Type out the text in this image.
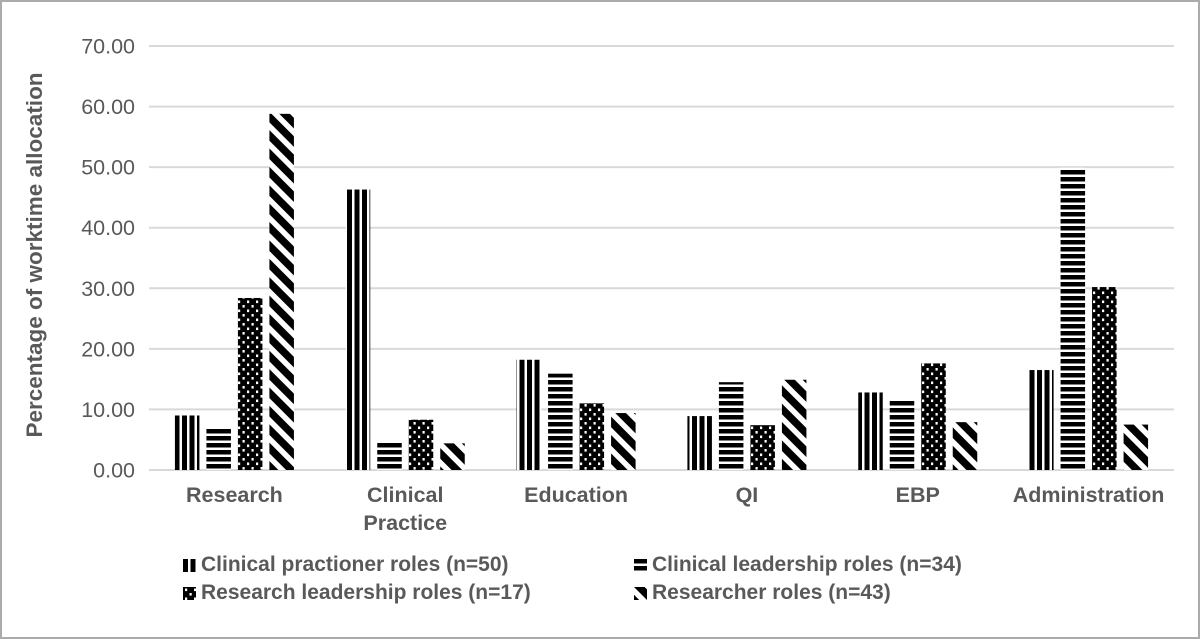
0.00
10.00
20.00
30.00
40.00
50.00
60.00
70.00
Research	Clinical Practice
Education	QI	EBP	Administration
Percentage of worktime allocation
Clinical practioner roles (n=50)	Clinical leadership roles (n=34)
Research leadership roles (n=17)	Researcher roles (n=43)
